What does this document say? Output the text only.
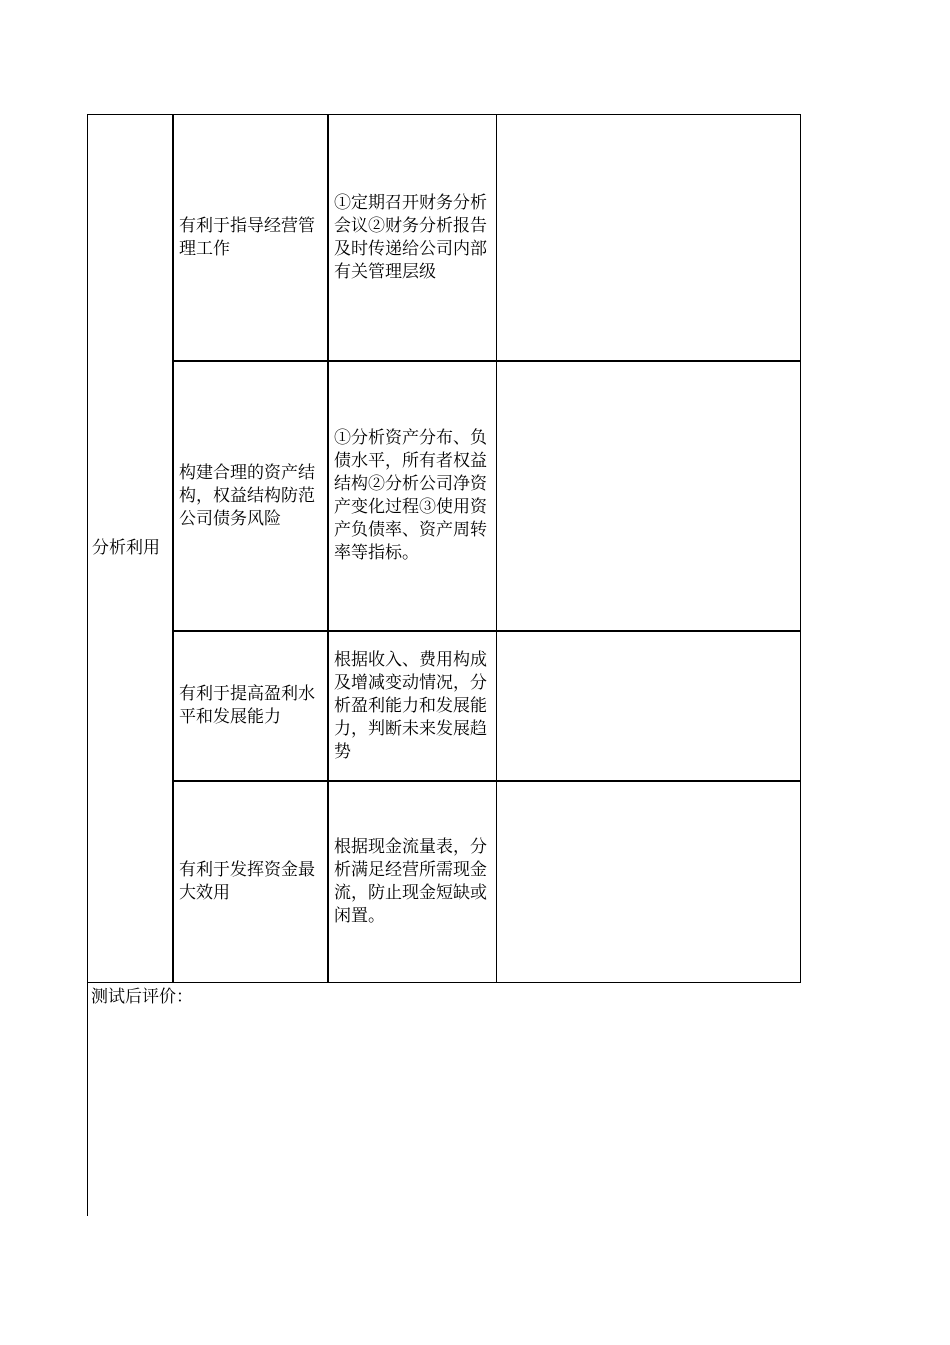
分析利用
有利于指导经营管理工作
①定期召开财务分析会议②财务分析报告及时传递给公司内部有关管理层级
构建合理的资产结构，权益结构防范公司债务风险
①分析资产分布、负债水平，所有者权益结构②分析公司净资产变化过程③使用资产负债率、资产周转率等指标。
有利于提高盈利水平和发展能力
根据收入、费用构成及增减变动情况，分析盈利能力和发展能力，判断未来发展趋势
有利于发挥资金最大效用
根据现金流量表，分析满足经营所需现金流，防止现金短缺或闲置。
测试后评价：
